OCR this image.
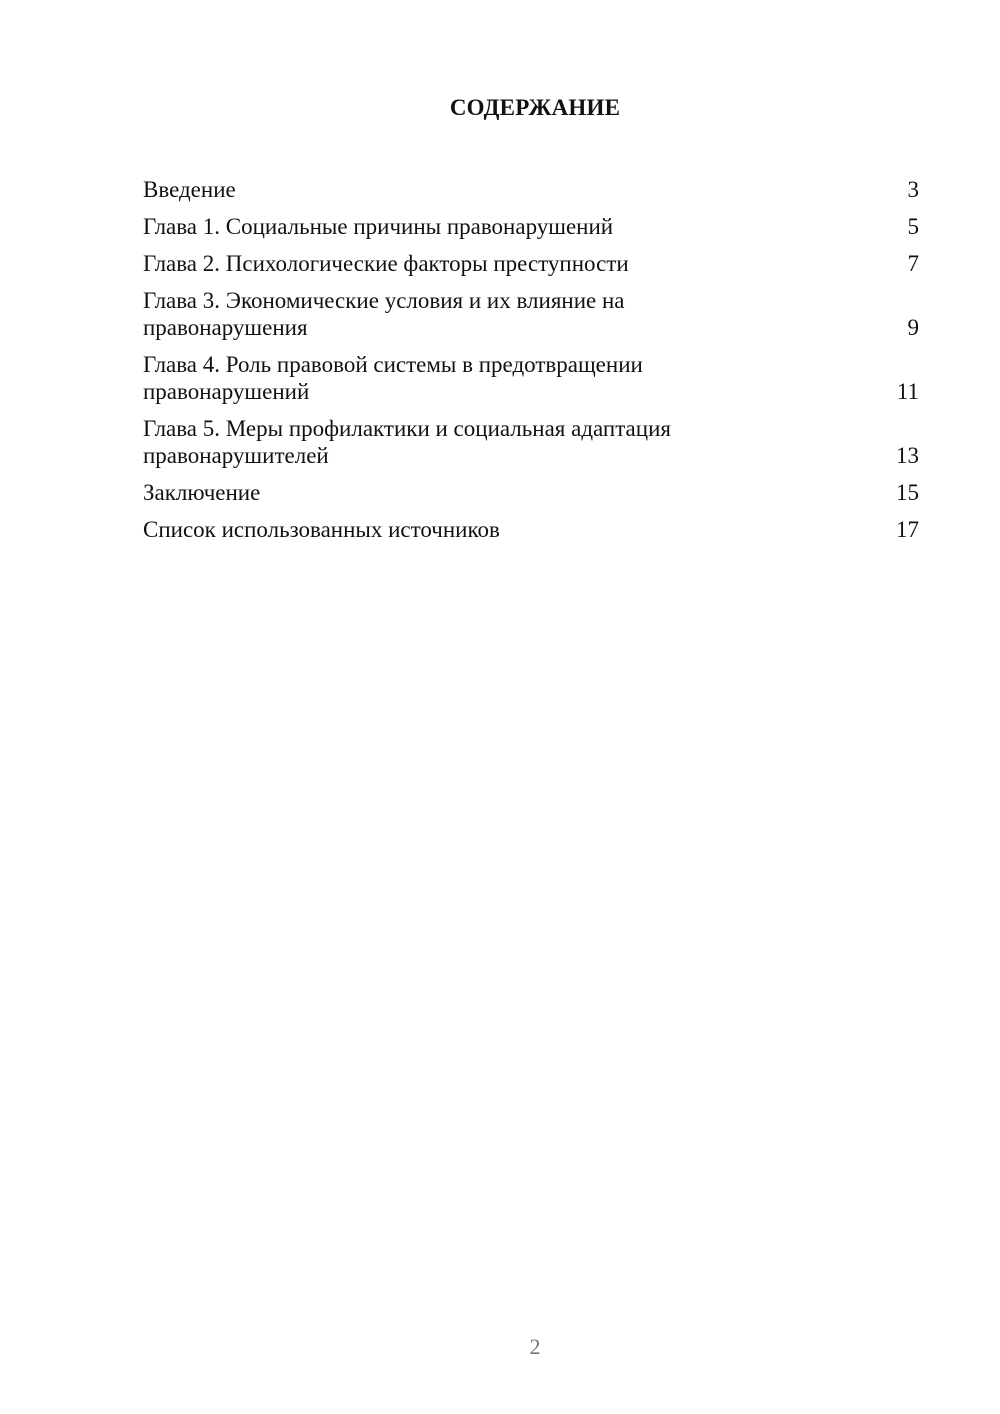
СОДЕРЖАНИЕ
Введение	3
Глава 1. Социальные причины правонарушений	5
Глава 2. Психологические факторы преступности	7
Глава 3. Экономические условия и их влияние на правонарушения	9
Глава 4. Роль правовой системы в предотвращении правонарушений	11
Глава 5. Меры профилактики и социальная адаптация правонарушителей	13
Заключение	15
Список использованных источников	17
2
